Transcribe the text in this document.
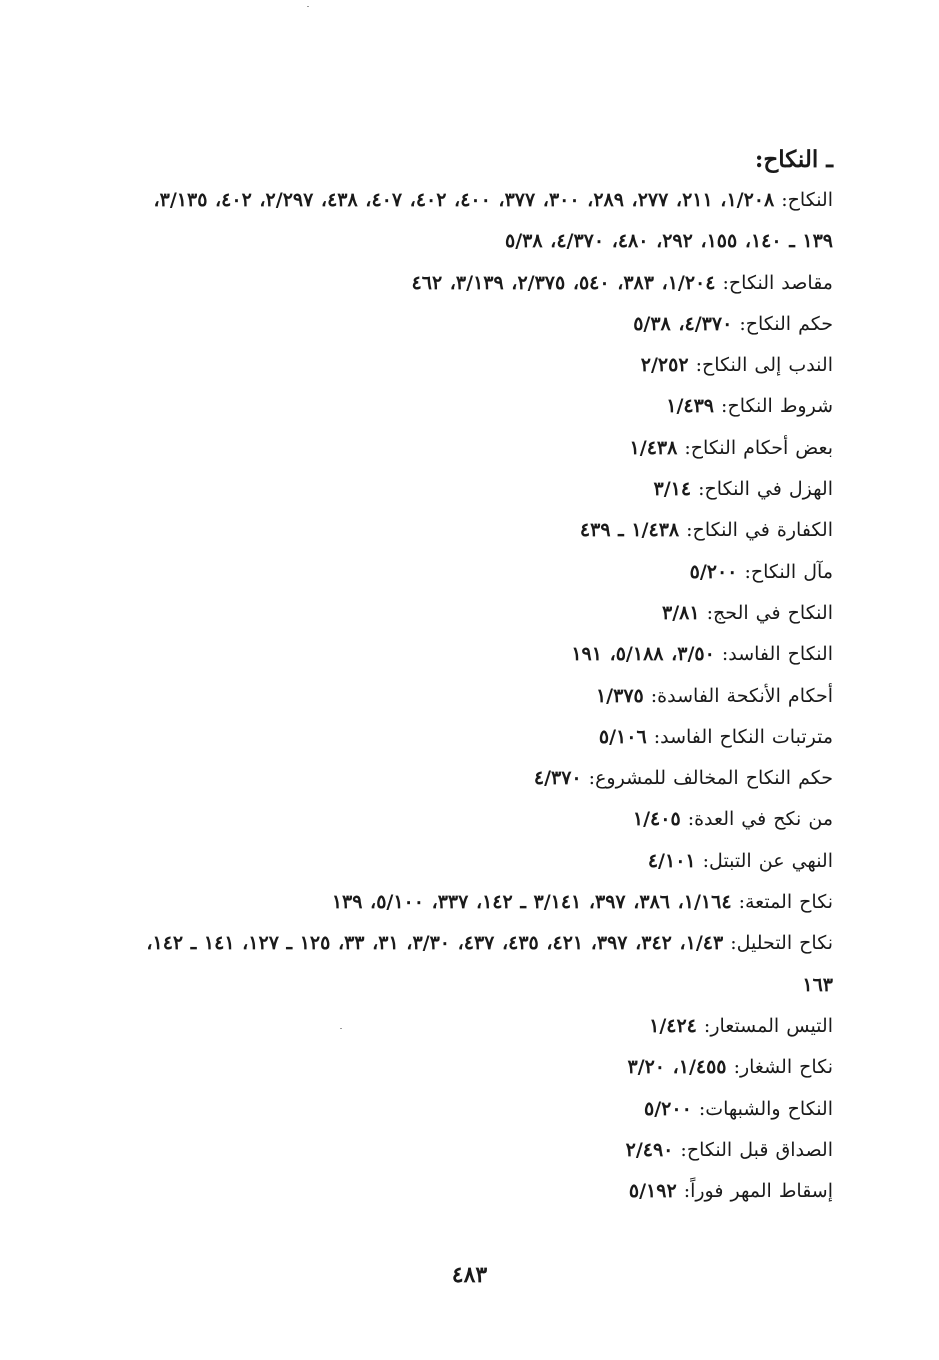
ـ النكاح:
النكاح: ١/٢٠٨، ٢١١، ٢٧٧، ٢٨٩، ٣٠٠، ٣٧٧، ٤٠٠، ٤٠٢، ٤٠٧، ٤٣٨، ٢/٢٩٧، ٤٠٢، ٣/١٣٥، ١٣٩ ـ ١٤٠، ١٥٥، ٢٩٢، ٤٨٠، ٤/٣٧٠، ٥/٣٨
مقاصد النكاح: ١/٢٠٤، ٣٨٣، ٥٤٠، ٢/٣٧٥، ٣/١٣٩، ٤٦٢
حكم النكاح: ٤/٣٧٠، ٥/٣٨
الندب إلى النكاح: ٢/٢٥٢
شروط النكاح: ١/٤٣٩
بعض أحكام النكاح: ١/٤٣٨
الهزل في النكاح: ٣/١٤
الكفارة في النكاح: ١/٤٣٨ ـ ٤٣٩
مآل النكاح: ٥/٢٠٠
النكاح في الحج: ٣/٨١
النكاح الفاسد: ٣/٥٠، ٥/١٨٨، ١٩١
أحكام الأنكحة الفاسدة: ١/٣٧٥
مترتبات النكاح الفاسد: ٥/١٠٦
حكم النكاح المخالف للمشروع: ٤/٣٧٠
من نكح في العدة: ١/٤٠٥
النهي عن التبتل: ٤/١٠١
نكاح المتعة: ١/١٦٤، ٣٨٦، ٣٩٧، ٣/١٤١ ـ ١٤٢، ٣٣٧، ٥/١٠٠، ١٣٩
نكاح التحليل: ١/٤٣، ٣٤٢، ٣٩٧، ٤٢١، ٤٣٥، ٤٣٧، ٣/٣٠، ٣١، ٣٣، ١٢٥ ـ ١٢٧، ١٤١ ـ ١٤٢، ١٦٣
التيس المستعار: ١/٤٢٤
نكاح الشغار: ١/٤٥٥، ٣/٢٠
النكاح والشبهات: ٥/٢٠٠
الصداق قبل النكاح: ٢/٤٩٠
إسقاط المهر فوراً: ٥/١٩٢
٤٨٣
